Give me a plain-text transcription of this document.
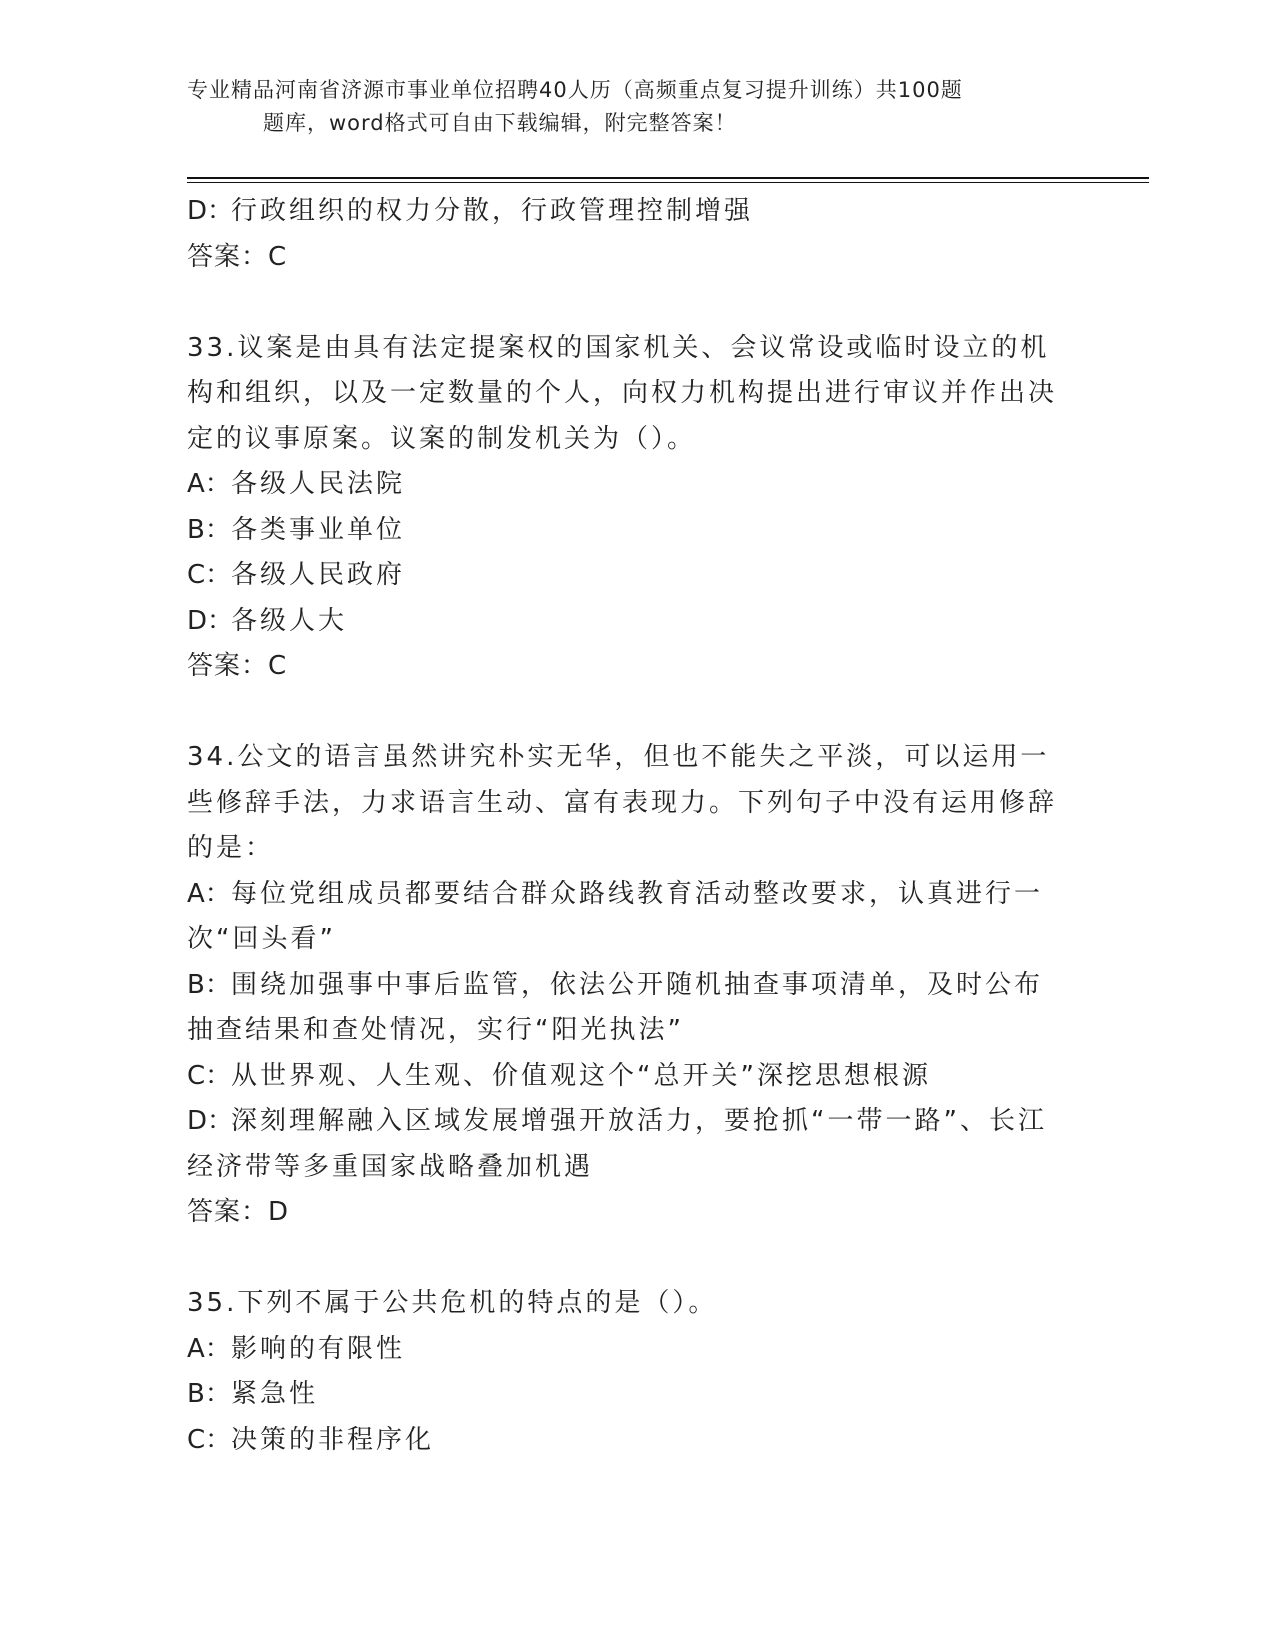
专业精品河南省济源市事业单位招聘40人历（高频重点复习提升训练）共100题
题库，word格式可自由下载编辑，附完整答案！

D：行政组织的权力分散，行政管理控制增强

答案：C

33.议案是由具有法定提案权的国家机关、会议常设或临时设立的机构和组织，以及一定数量的个人，向权力机构提出进行审议并作出决定的议事原案。议案的制发机关为（）。

A：各级人民法院

B：各类事业单位

C：各级人民政府

D：各级人大

答案：C

34.公文的语言虽然讲究朴实无华，但也不能失之平淡，可以运用一些修辞手法，力求语言生动、富有表现力。下列句子中没有运用修辞的是：

A：每位党组成员都要结合群众路线教育活动整改要求，认真进行一次“回头看”

B：围绕加强事中事后监管，依法公开随机抽查事项清单，及时公布抽查结果和查处情况，实行“阳光执法”

C：从世界观、人生观、价值观这个“总开关”深挖思想根源

D：深刻理解融入区域发展增强开放活力，要抢抓“一带一路”、长江经济带等多重国家战略叠加机遇

答案：D

35.下列不属于公共危机的特点的是（）。

A：影响的有限性

B：紧急性

C：决策的非程序化
